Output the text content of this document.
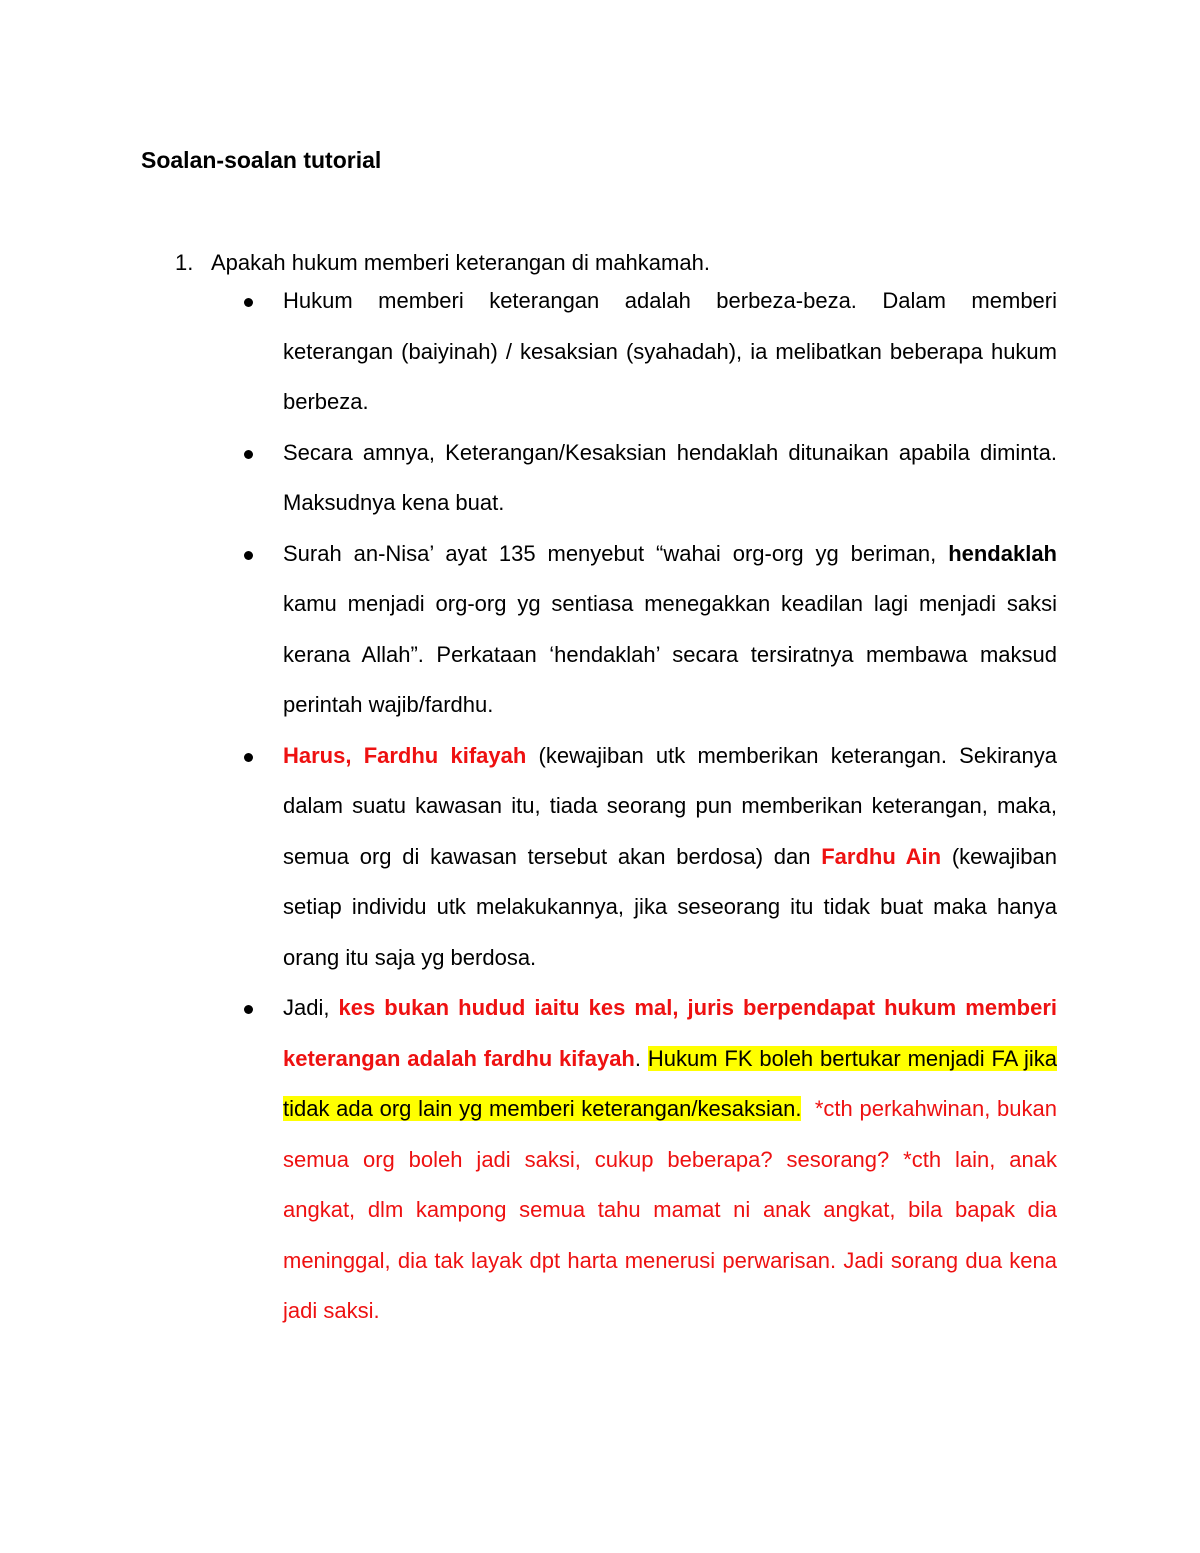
Soalan-soalan tutorial
1. Apakah hukum memberi keterangan di mahkamah.
Hukum memberi keterangan adalah berbeza-beza. Dalam memberi keterangan (baiyinah) / kesaksian (syahadah), ia melibatkan beberapa hukum berbeza.
Secara amnya, Keterangan/Kesaksian hendaklah ditunaikan apabila diminta. Maksudnya kena buat.
Surah an-Nisa’ ayat 135 menyebut “wahai org-org yg beriman, hendaklah kamu menjadi org-org yg sentiasa menegakkan keadilan lagi menjadi saksi kerana Allah”. Perkataan ‘hendaklah’ secara tersiratnya membawa maksud perintah wajib/fardhu.
Harus, Fardhu kifayah (kewajiban utk memberikan keterangan. Sekiranya dalam suatu kawasan itu, tiada seorang pun memberikan keterangan, maka, semua org di kawasan tersebut akan berdosa) dan Fardhu Ain (kewajiban setiap individu utk melakukannya, jika seseorang itu tidak buat maka hanya orang itu saja yg berdosa.
Jadi, kes bukan hudud iaitu kes mal, juris berpendapat hukum memberi keterangan adalah fardhu kifayah. Hukum FK boleh bertukar menjadi FA jika tidak ada org lain yg memberi keterangan/kesaksian. *cth perkahwinan, bukan semua org boleh jadi saksi, cukup beberapa? sesorang? *cth lain, anak angkat, dlm kampong semua tahu mamat ni anak angkat, bila bapak dia meninggal, dia tak layak dpt harta menerusi perwarisan. Jadi sorang dua kena jadi saksi.
